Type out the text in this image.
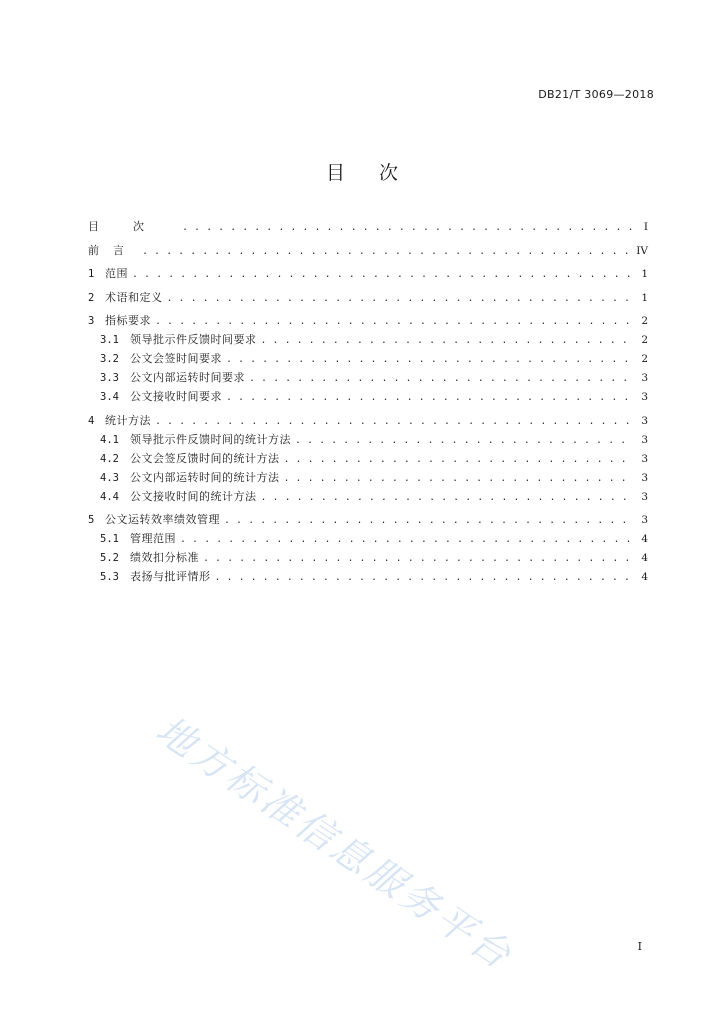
DB21/T 3069—2018
目次
目次 . . .	I
前言 . . .	IV
1 范围 . . .	1
2 术语和定义 . . .	1
3 指标要求 . . .	2
3.1	领导批示件反馈时间要求 . . .	2
3.2	公文会签时间要求 . . .	2
3.3	公文内部运转时间要求 . . .	3
3.4	公文接收时间要求 . . .	3
4 统计方法 . . .	3
4.1	领导批示件反馈时间的统计方法 . . .	3
4.2	公文会签反馈时间的统计方法 . . .	3
4.3	公文内部运转时间的统计方法 . . .	3
4.4	公文接收时间的统计方法 . . .	3
5 公文运转效率绩效管理 . . .	3
5.1	管理范围 . . .	4
5.2	绩效扣分标准 . . .	4
5.3	表扬与批评情形 . . .	4
地方标准信息服务平台	I
